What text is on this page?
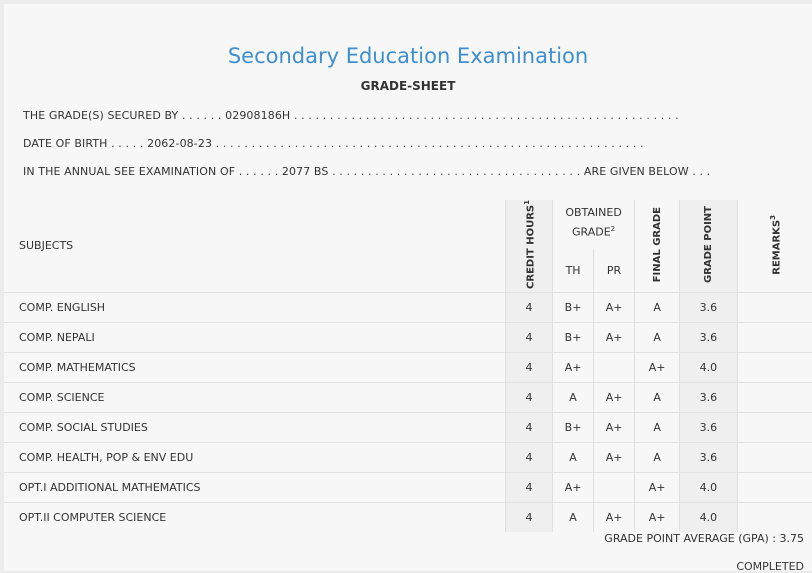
Secondary Education Examination
GRADE-SHEET
THE GRADE(S) SECURED BY . . . . . . 02908186H . . . . . . . . . . . . . . . . . . . . . . . . . . . . . . . . . . . . . . . . . . . . . . . . . . . . . .
DATE OF BIRTH . . . . . 2062-08-23 . . . . . . . . . . . . . . . . . . . . . . . . . . . . . . . . . . . . . . . . . . . . . . . . . . . . . . . . . . . .
IN THE ANNUAL SEE EXAMINATION OF . . . . . . 2077 BS . . . . . . . . . . . . . . . . . . . . . . . . . . . . . . . . . . . ARE GIVEN BELOW . . .
SUBJECTS	CREDIT HOURS$^1$	OBTAINED GRADE$^2$		FINAL GRADE	GRADE POINT	REMARKS$^3$
		TH	PR			
COMP. ENGLISH	4	B+	A+	A	3.6	
COMP. NEPALI	4	B+	A+	A	3.6	
COMP. MATHEMATICS	4	A+		A+	4.0	
COMP. SCIENCE	4	A	A+	A	3.6	
COMP. SOCIAL STUDIES	4	B+	A+	A	3.6	
COMP. HEALTH, POP & ENV EDU	4	A	A+	A	3.6	
OPT.I ADDITIONAL MATHEMATICS	4	A+		A+	4.0	
OPT.II COMPUTER SCIENCE	4	A	A+	A+	4.0	
GRADE POINT AVERAGE (GPA) : 3.75
COMPLETED
